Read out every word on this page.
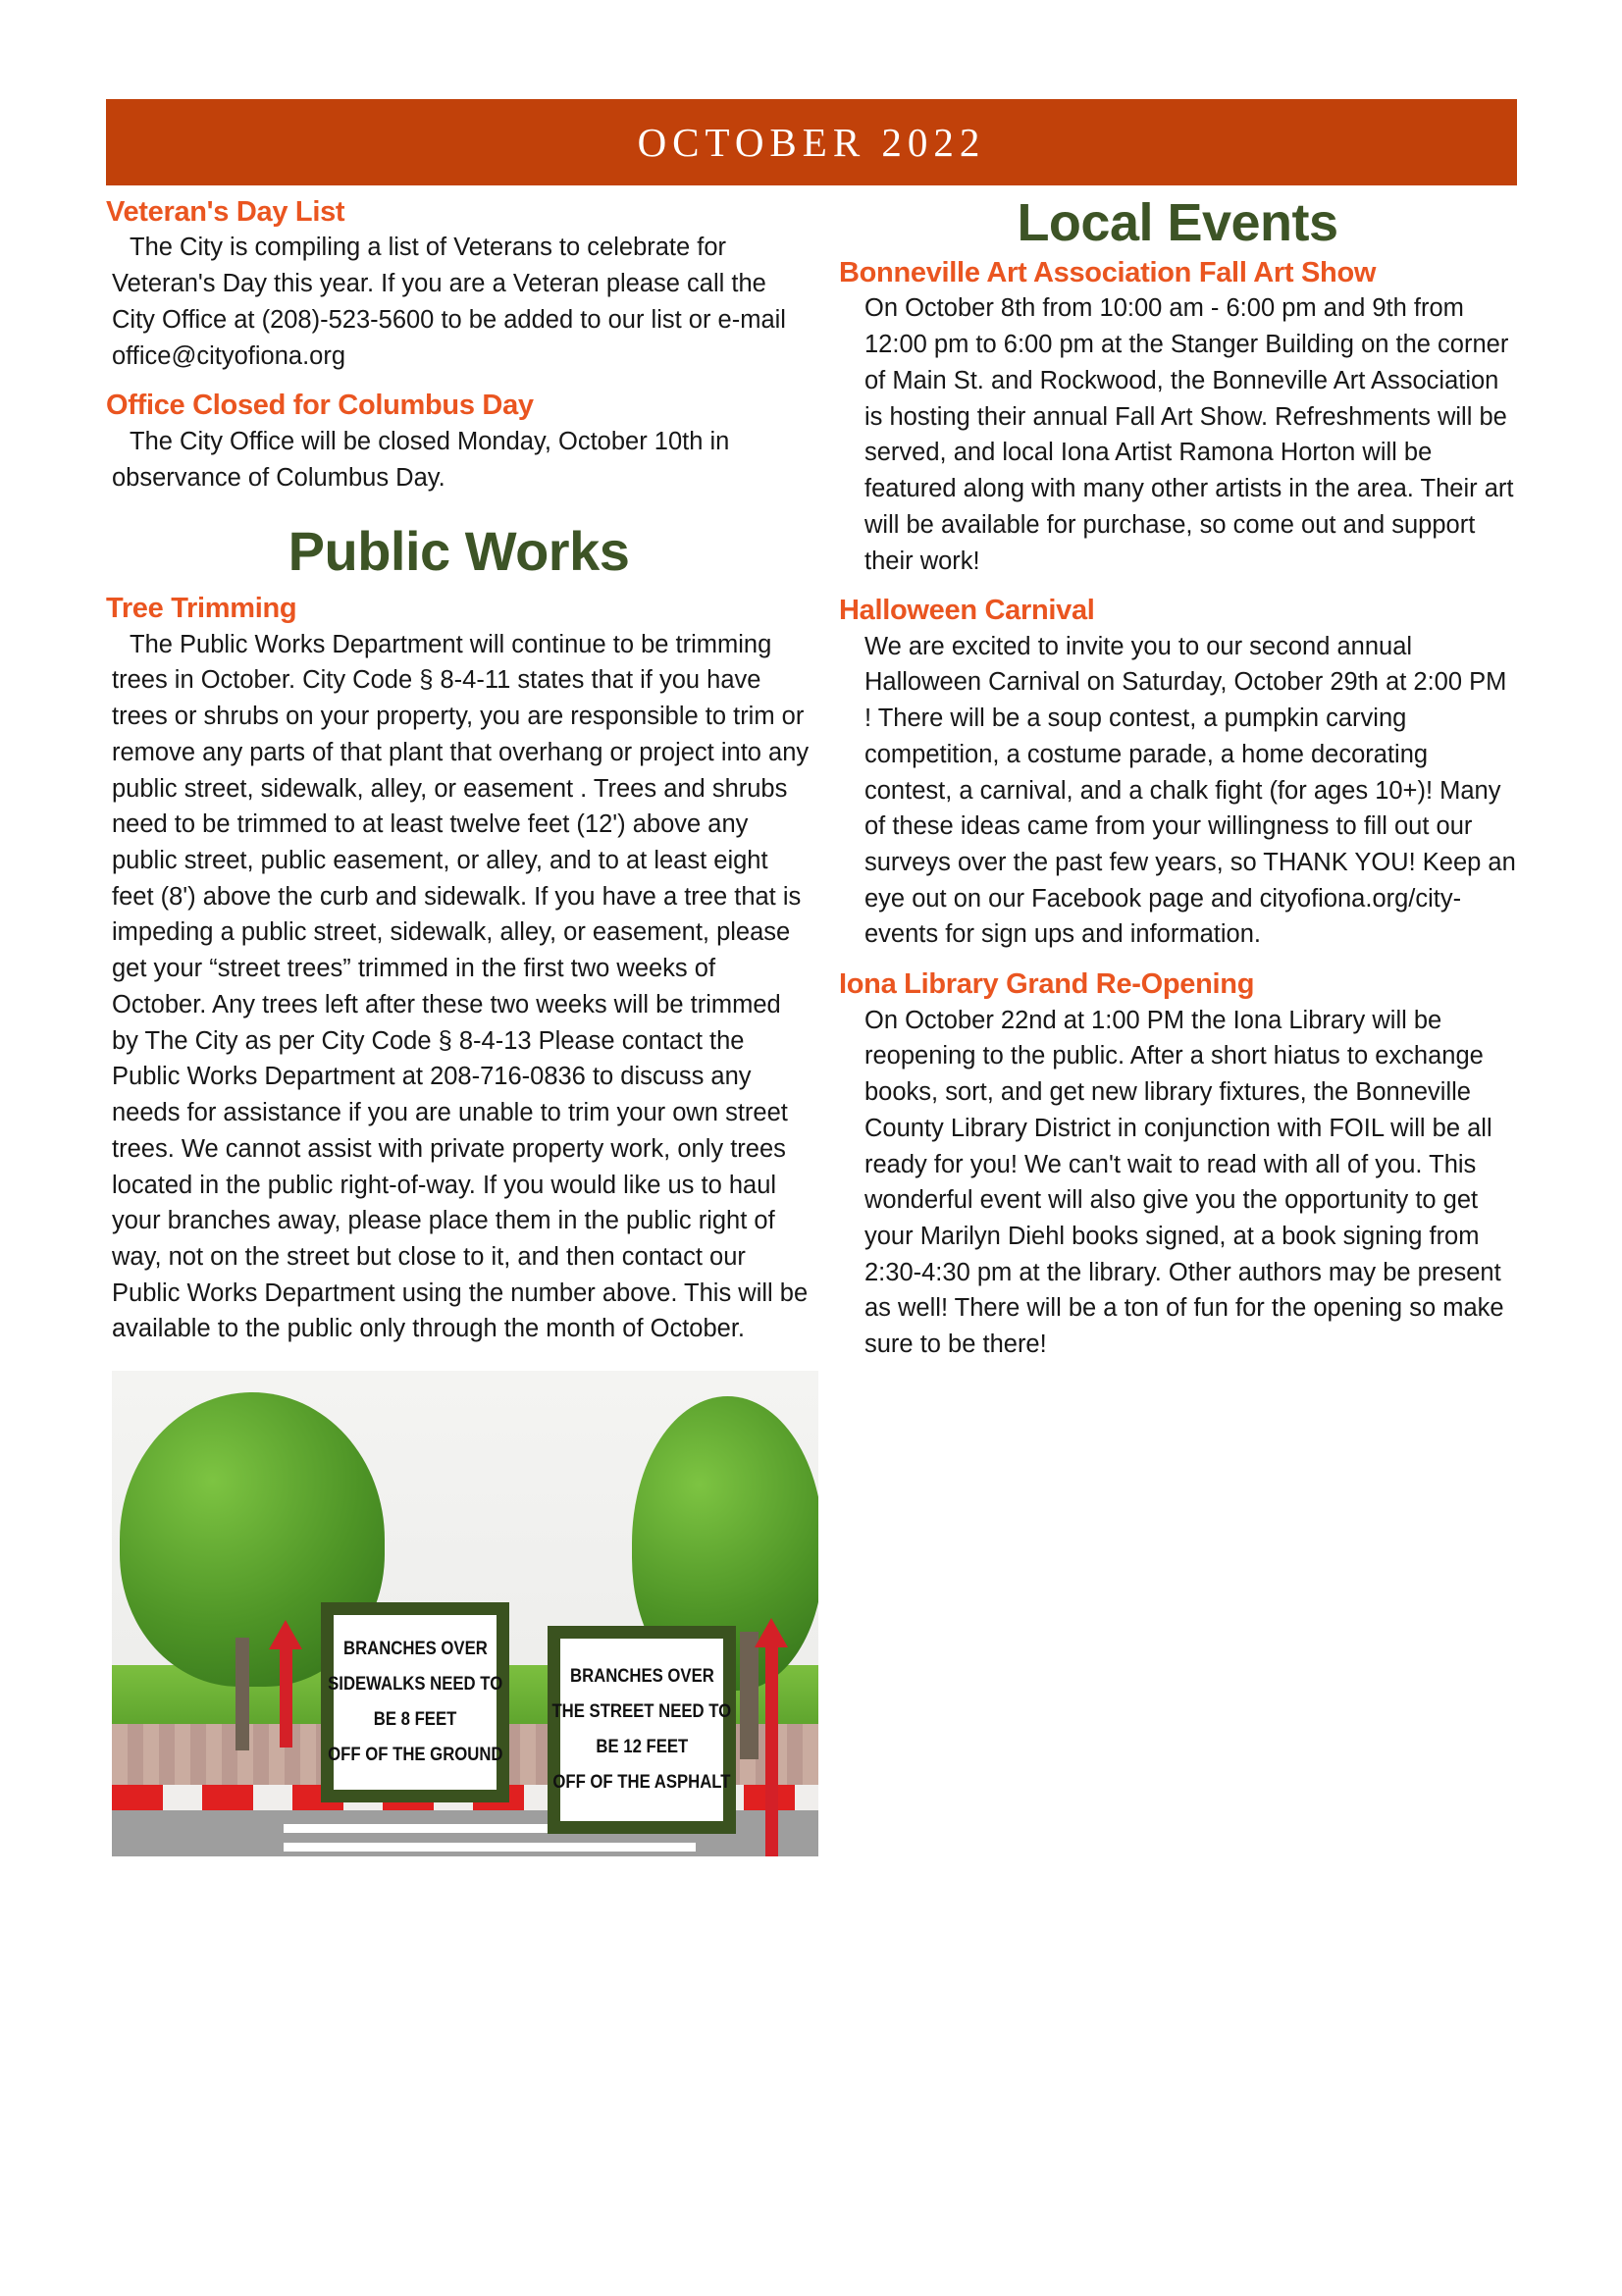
OCTOBER 2022
Veteran's Day List

The City is compiling a list of Veterans to celebrate for Veteran's Day this year. If you are a Veteran please call the City Office at (208)-523-5600 to be added to our list or e-mail office@cityofiona.org

Office Closed for Columbus Day

The City Office will be closed Monday, October 10th in observance of Columbus Day.

Public Works
Tree Trimming

The Public Works Department will continue to be trimming trees in October. City Code § 8-4-11 states that if you have trees or shrubs on your property, you are responsible to trim or remove any parts of that plant that overhang or project into any public street, sidewalk, alley, or easement . Trees and shrubs need to be trimmed to at least twelve feet (12') above any public street, public easement, or alley, and to at least eight feet (8') above the curb and sidewalk. If you have a tree that is impeding a public street, sidewalk, alley, or easement, please get your “street trees” trimmed in the first two weeks of October. Any trees left after these two weeks will be trimmed by The City as per City Code § 8-4-13 Please contact the Public Works Department at 208-716-0836 to discuss any needs for assistance if you are unable to trim your own street trees. We cannot assist with private property work, only trees located in the public right-of-way. If you would like us to haul your branches away, please place them in the public right of way, not on the street but close to it, and then contact our Public Works Department using the number above. This will be available to the public only through the month of October.

BRANCHES OVER
SIDEWALKS NEED TO
BE 8 FEET
OFF OF THE GROUND
BRANCHES OVER
THE STREET NEED TO
BE 12 FEET
OFF OF THE ASPHALT
Local Events
Bonneville Art Association Fall Art Show

On October 8th from 10:00 am - 6:00 pm and 9th from 12:00 pm to 6:00 pm at the Stanger Building on the corner of Main St. and Rockwood, the Bonneville Art Association is hosting their annual Fall Art Show. Refreshments will be served, and local Iona Artist Ramona Horton will be featured along with many other artists in the area. Their art will be available for purchase, so come out and support their work!

Halloween Carnival

We are excited to invite you to our second annual Halloween Carnival on Saturday, October 29th at 2:00 PM ! There will be a soup contest, a pumpkin carving competition, a costume parade, a home decorating contest, a carnival, and a chalk fight (for ages 10+)! Many of these ideas came from your willingness to fill out our surveys over the past few years, so THANK YOU! Keep an eye out on our Facebook page and cityofiona.org/city-events for sign ups and information.

Iona Library Grand Re-Opening

On October 22nd at 1:00 PM the Iona Library will be reopening to the public. After a short hiatus to exchange books, sort, and get new library fixtures, the Bonneville County Library District in conjunction with FOIL will be all ready for you! We can't wait to read with all of you. This wonderful event will also give you the opportunity to get your Marilyn Diehl books signed, at a book signing from 2:30-4:30 pm at the library. Other authors may be present as well! There will be a ton of fun for the opening so make sure to be there!
